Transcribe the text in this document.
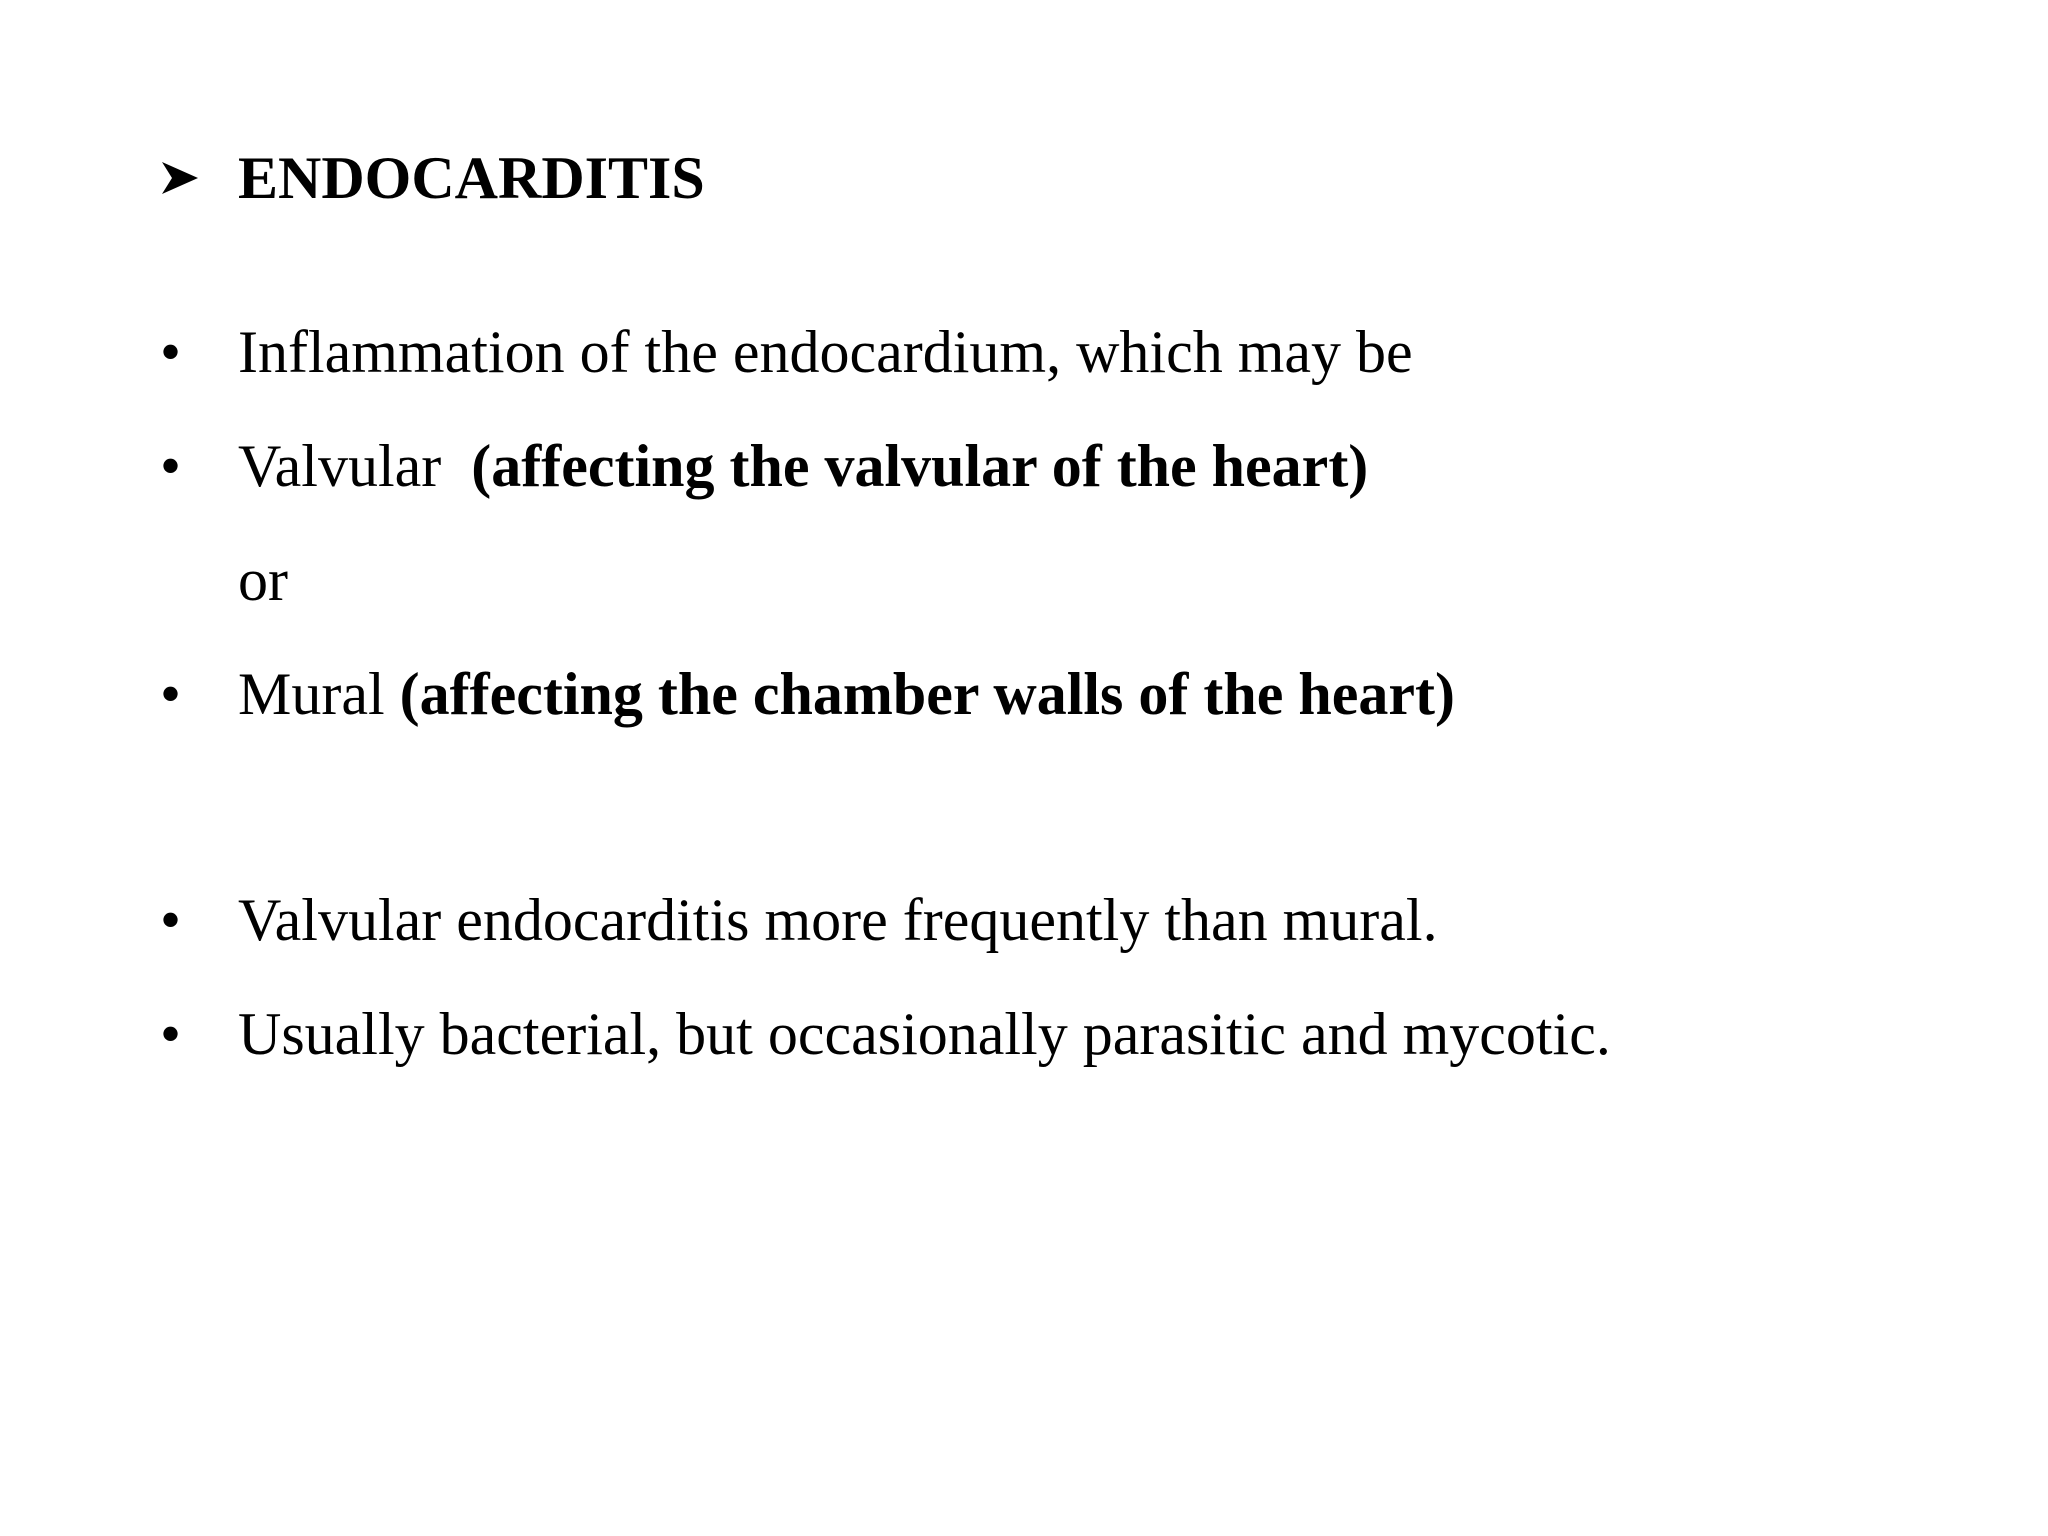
ENDOCARDITIS
• Inflammation of the endocardium, which may be
• Valvular  (affecting the valvular of the heart)
or
• Mural (affecting the chamber walls of the heart)
• Valvular endocarditis more frequently than mural.
• Usually bacterial, but occasionally parasitic and mycotic.
